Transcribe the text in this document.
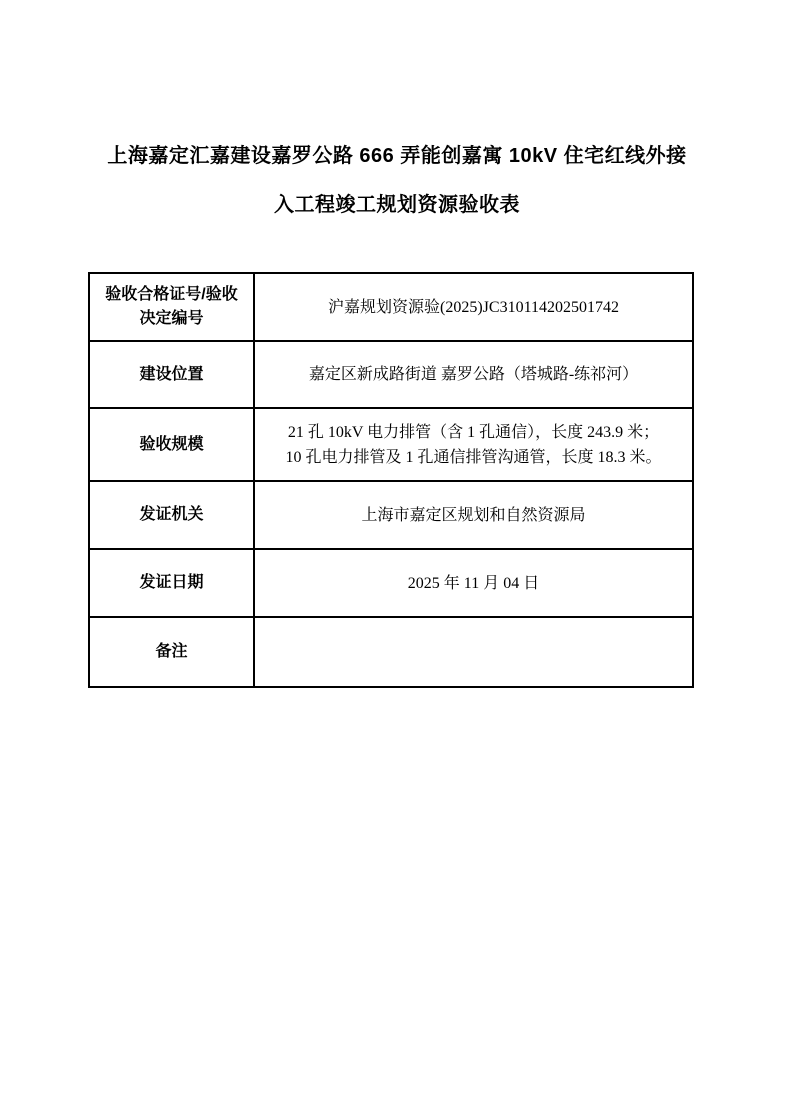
上海嘉定汇嘉建设嘉罗公路 666 弄能创嘉寓 10kV 住宅红线外接
入工程竣工规划资源验收表
验收合格证号/验收决定编号	沪嘉规划资源验(2025)JC310114202501742
建设位置	嘉定区新成路街道 嘉罗公路（塔城路-练祁河）
验收规模	21 孔 10kV 电力排管（含 1 孔通信），长度 243.9 米；
10 孔电力排管及 1 孔通信排管沟通管，长度 18.3 米。

发证机关	上海市嘉定区规划和自然资源局
发证日期	2025 年 11 月 04 日
备注	
